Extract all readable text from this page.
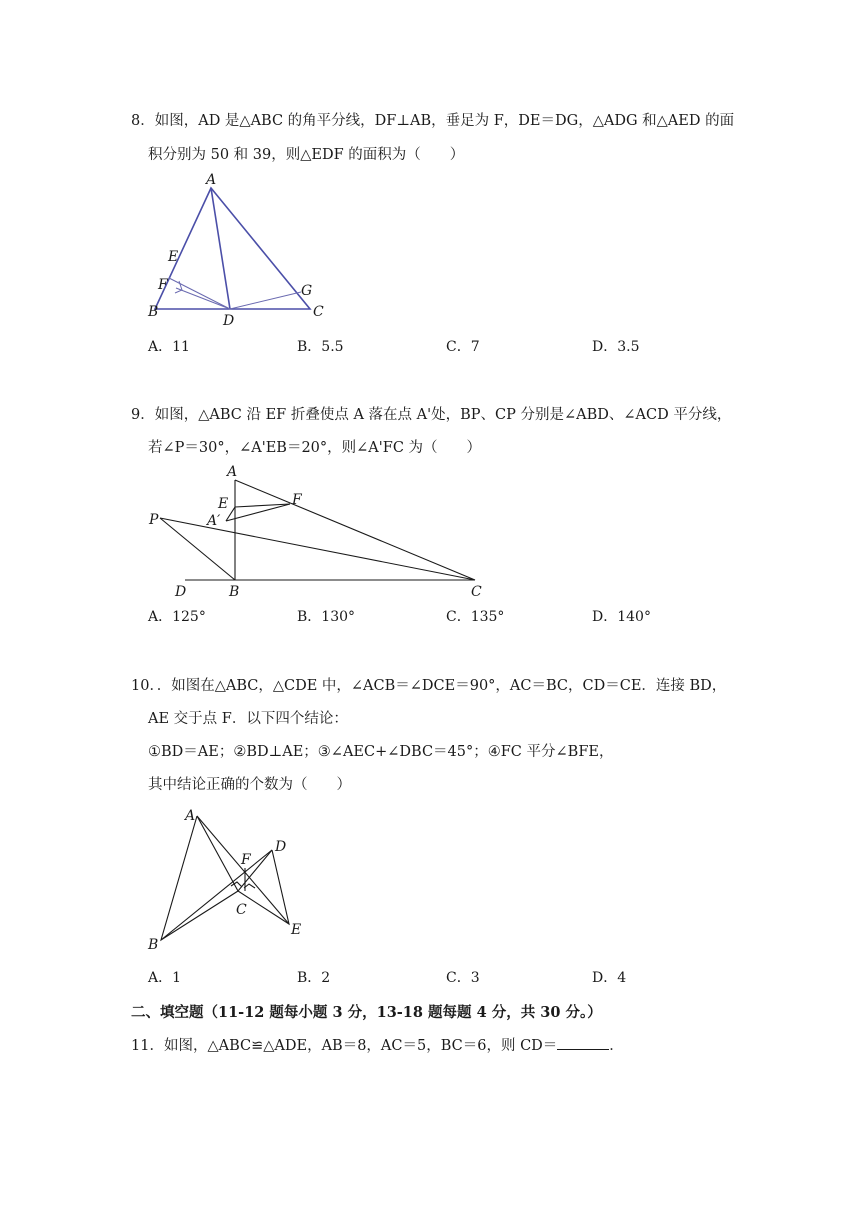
8．如图，AD 是△ABC 的角平分线，DF⊥AB，垂足为 F，DE＝DG，△ADG 和△AED 的面
积分别为 50 和 39，则△EDF 的面积为（　　）
A
E
F
B
D
G
C
A．11	B．5.5	C．7	D．3.5
9．如图，△ABC 沿 EF 折叠使点 A 落在点 A'处，BP、CP 分别是∠ABD、∠ACD 平分线，
若∠P＝30°，∠A'EB＝20°，则∠A'FC 为（　　）
A
E	F
A′
P
D	B	C
A．125°	B．130°	C．135°	D．140°
10．．如图在△ABC，△CDE 中，∠ACB＝∠DCE＝90°，AC＝BC，CD＝CE．连接 BD，
AE 交于点 F．以下四个结论：
①BD＝AE；②BD⊥AE；③∠AEC+∠DBC＝45°；④FC 平分∠BFE，
其中结论正确的个数为（　　）
A
F
D
C
E
B
A．1	B．2	C．3	D．4
二、填空题（11-12 题每小题 3 分，13-18 题每题 4 分，共 30 分。）
11．如图，△ABC≌△ADE，AB＝8，AC＝5，BC＝6，则 CD＝	．
